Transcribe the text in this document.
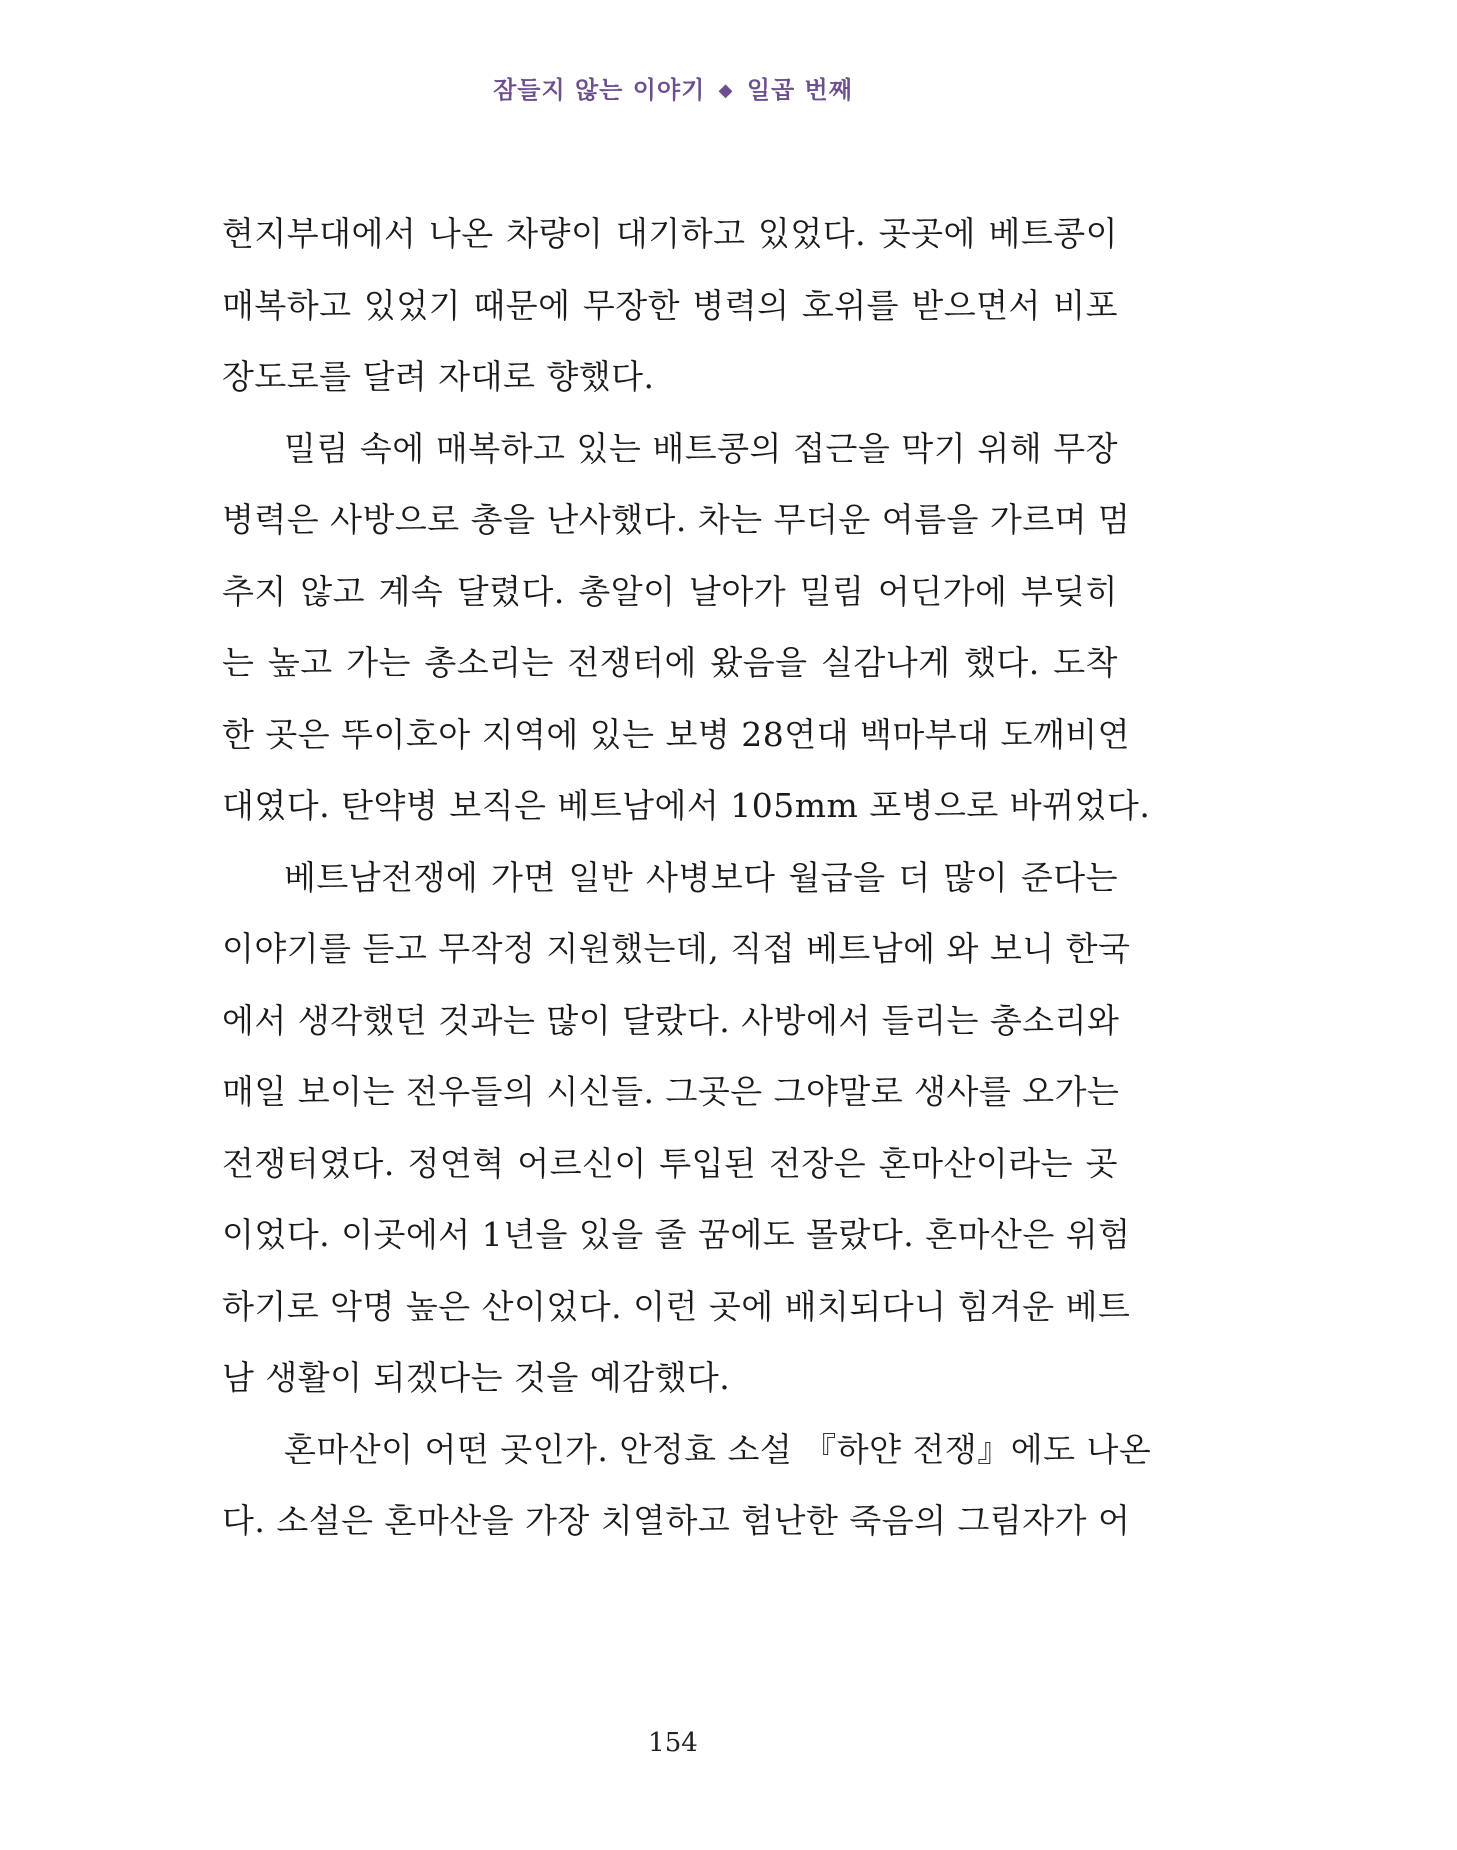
잠들지 않는 이야기 ◆ 일곱 번째
현지부대에서 나온 차량이 대기하고 있었다. 곳곳에 베트콩이
매복하고 있었기 때문에 무장한 병력의 호위를 받으면서 비포
장도로를 달려 자대로 향했다.
밀림 속에 매복하고 있는 배트콩의 접근을 막기 위해 무장
병력은 사방으로 총을 난사했다. 차는 무더운 여름을 가르며 멈
추지 않고 계속 달렸다. 총알이 날아가 밀림 어딘가에 부딪히
는 높고 가는 총소리는 전쟁터에 왔음을 실감나게 했다. 도착
한 곳은 뚜이호아 지역에 있는 보병 28연대 백마부대 도깨비연
대였다. 탄약병 보직은 베트남에서 105mm 포병으로 바뀌었다.
베트남전쟁에 가면 일반 사병보다 월급을 더 많이 준다는
이야기를 듣고 무작정 지원했는데, 직접 베트남에 와 보니 한국
에서 생각했던 것과는 많이 달랐다. 사방에서 들리는 총소리와
매일 보이는 전우들의 시신들. 그곳은 그야말로 생사를 오가는
전쟁터였다. 정연혁 어르신이 투입된 전장은 혼마산이라는 곳
이었다. 이곳에서 1년을 있을 줄 꿈에도 몰랐다. 혼마산은 위험
하기로 악명 높은 산이었다. 이런 곳에 배치되다니 힘겨운 베트
남 생활이 되겠다는 것을 예감했다.
혼마산이 어떤 곳인가. 안정효 소설 『하얀 전쟁』에도 나온
다. 소설은 혼마산을 가장 치열하고 험난한 죽음의 그림자가 어
154
